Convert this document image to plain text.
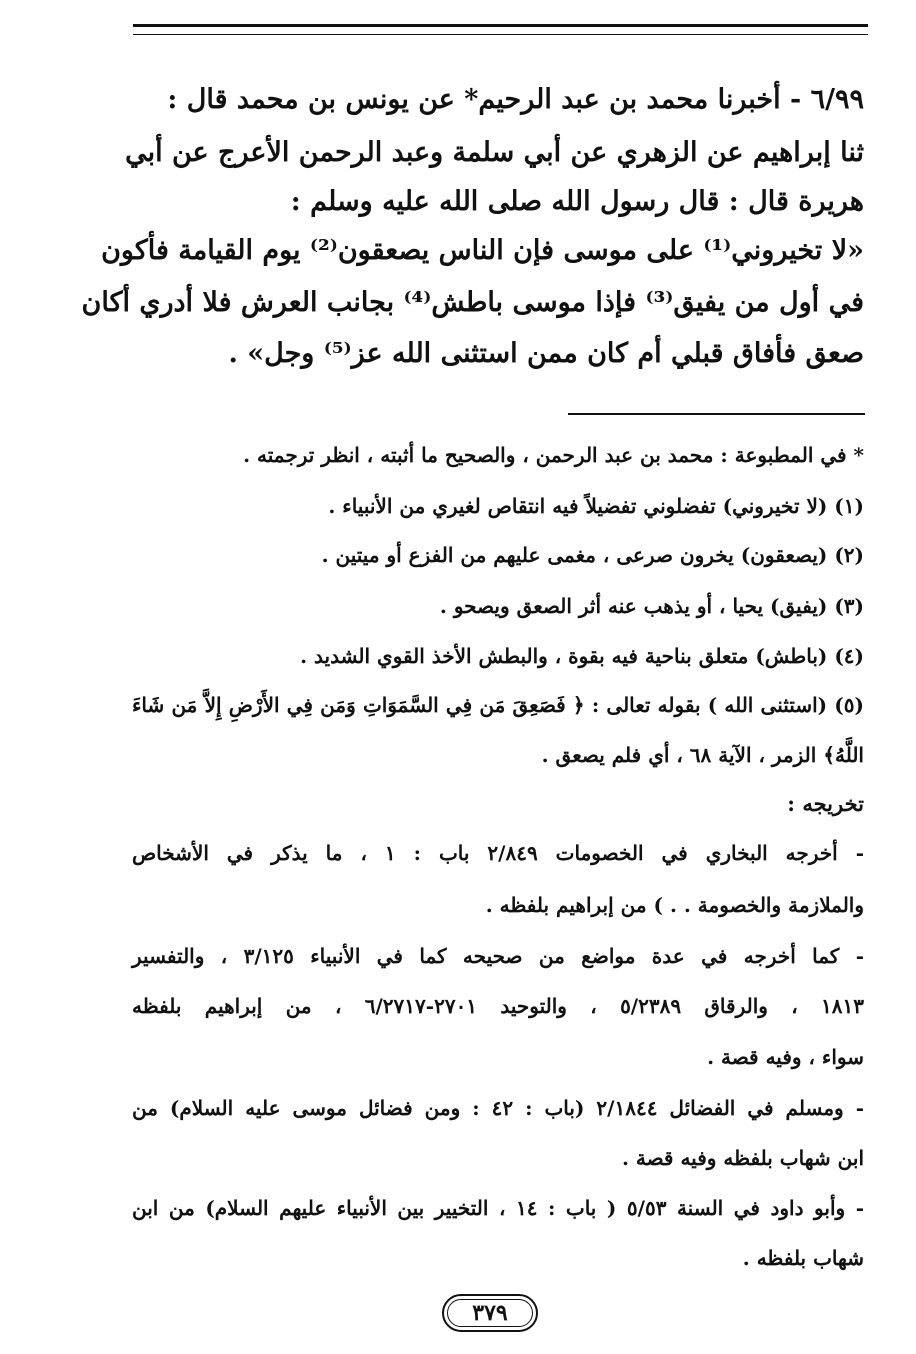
٦/٩٩ - أخبرنا محمد بن عبد الرحيم* عن يونس بن محمد قال :
ثنا إبراهيم عن الزهري عن أبي سلمة وعبد الرحمن الأعرج عن أبي
هريرة قال : قال رسول الله صلى الله عليه وسلم :
«لا تخيروني⁽¹⁾ على موسى فإن الناس يصعقون⁽²⁾ يوم القيامة فأكون
في أول من يفيق⁽³⁾ فإذا موسى باطش⁽⁴⁾ بجانب العرش فلا أدري أكان
صعق فأفاق قبلي أم كان ممن استثنى الله عز⁽⁵⁾ وجل» .
* في المطبوعة : محمد بن عبد الرحمن ، والصحيح ما أثبته ، انظر ترجمته .
(١) (لا تخيروني) تفضلوني تفضيلاً فيه انتقاص لغيري من الأنبياء .
(٢) (يصعقون) يخرون صرعى ، مغمى عليهم من الفزع أو ميتين .
(٣) (يفيق) يحيا ، أو يذهب عنه أثر الصعق ويصحو .
(٤) (باطش) متعلق بناحية فيه بقوة ، والبطش الأخذ القوي الشديد .
(٥) (استثنى الله ) بقوله تعالى : ﴿ فَصَعِقَ مَن فِي السَّمَوَاتِ وَمَن فِي الأَرْضِ إِلاَّ مَن شَاءَ
اللَّهُ﴾ الزمر ، الآية ٦٨ ، أي فلم يصعق .
تخريجه :
- أخرجه البخاري في الخصومات ٢/٨٤٩ باب : ١ ، ما يذكر في الأشخاص
والملازمة والخصومة . . ) من إبراهيم بلفظه .
- كما أخرجه في عدة مواضع من صحيحه كما في الأنبياء ٣/١٢٥ ، والتفسير
١٨١٣ ، والرقاق ٥/٢٣٨٩ ، والتوحيد ٢٧٠١-٦/٢٧١٧ ، من إبراهيم بلفظه
سواء ، وفيه قصة .
- ومسلم في الفضائل ٢/١٨٤٤ (باب : ٤٢ : ومن فضائل موسى عليه السلام) من
ابن شهاب بلفظه وفيه قصة .
- وأبو داود في السنة ٥/٥٣ ( باب : ١٤ ، التخيير بين الأنبياء عليهم السلام) من ابن
شهاب بلفظه .
٣٧٩
